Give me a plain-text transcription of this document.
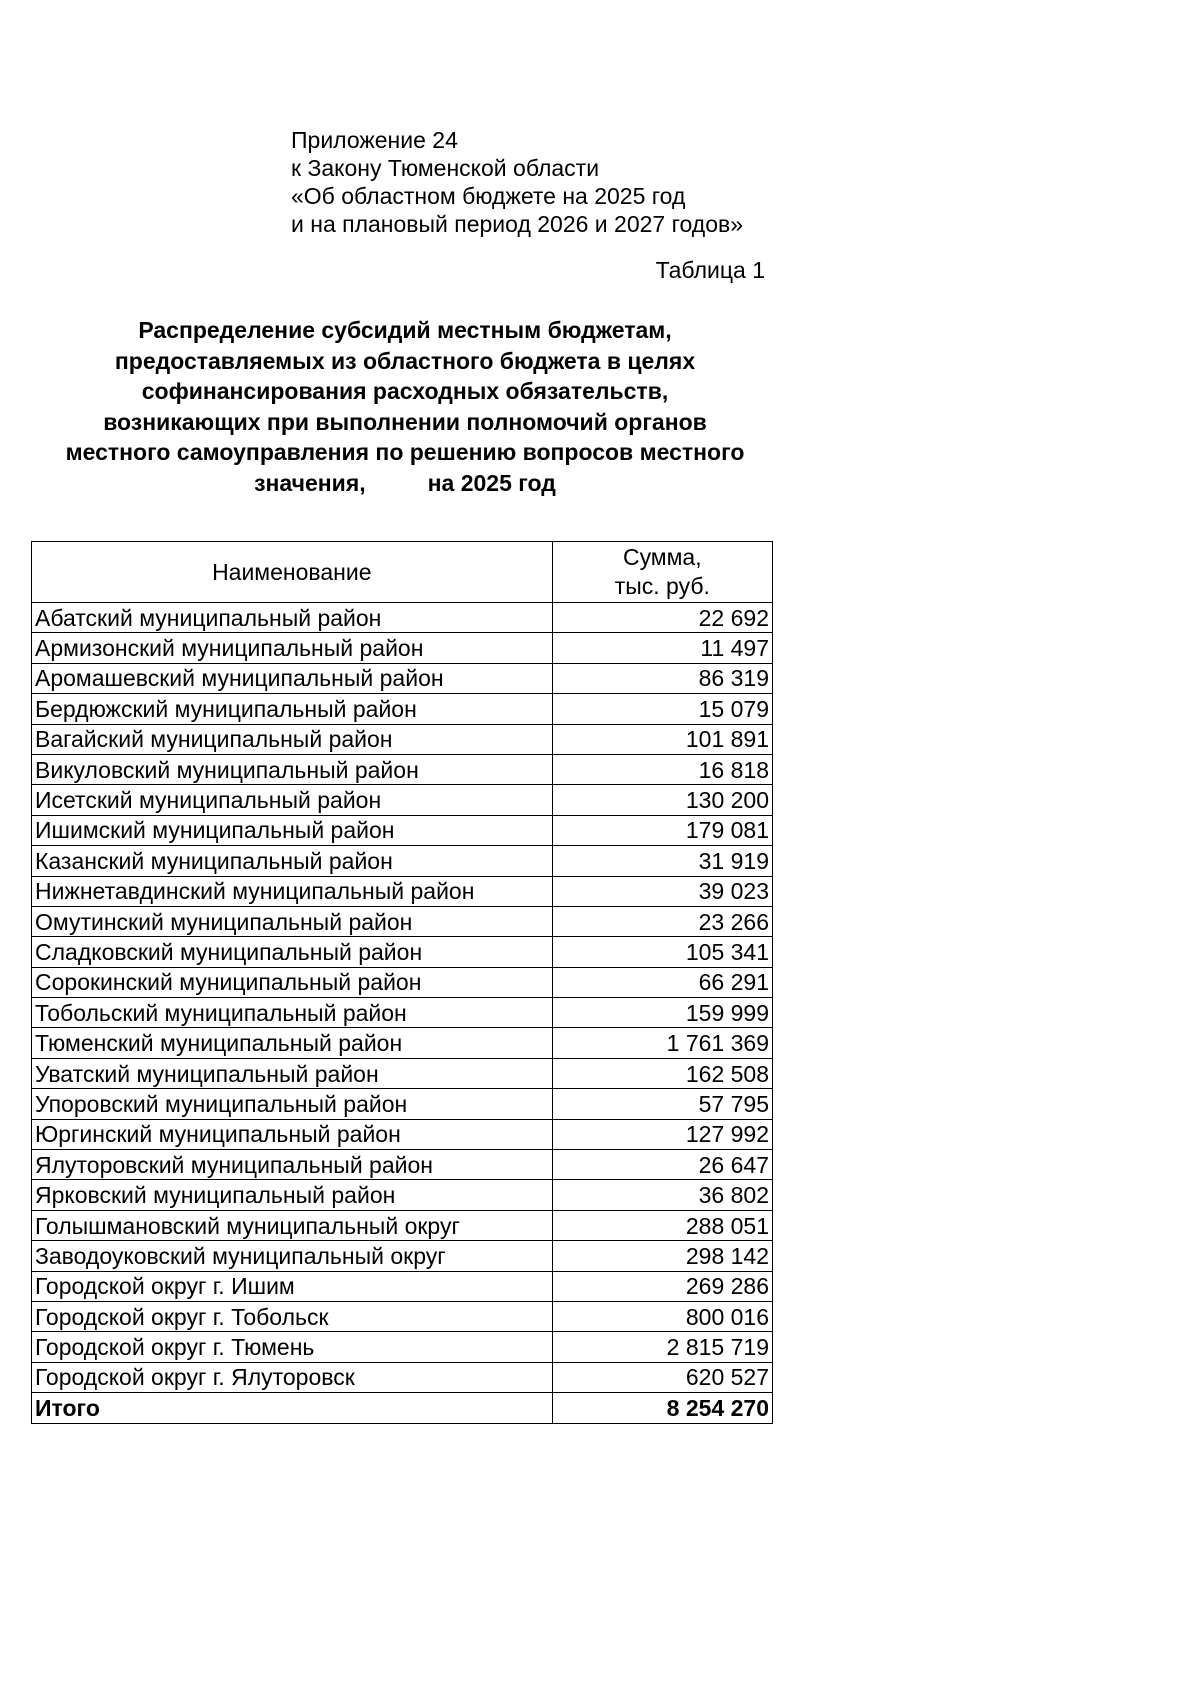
Приложение 24
к Закону Тюменской области
«Об областном бюджете на 2025 год
и на плановый период 2026 и 2027 годов»
Таблица 1
Распределение субсидий местным бюджетам,
предоставляемых из областного бюджета в целях
софинансирования расходных обязательств,
возникающих при выполнении полномочий органов
местного самоуправления по решению вопросов местного
значения,	на 2025 год
Наименование	Сумма,
тыс. руб.

Абатский муниципальный район	22 692
Армизонский муниципальный район	11 497
Аромашевский муниципальный район	86 319
Бердюжский муниципальный район	15 079
Вагайский муниципальный район	101 891
Викуловский муниципальный район	16 818
Исетский муниципальный район	130 200
Ишимский муниципальный район	179 081
Казанский муниципальный район	31 919
Нижнетавдинский муниципальный район	39 023
Омутинский муниципальный район	23 266
Сладковский муниципальный район	105 341
Сорокинский муниципальный район	66 291
Тобольский муниципальный район	159 999
Тюменский муниципальный район	1 761 369
Уватский муниципальный район	162 508
Упоровский муниципальный район	57 795
Юргинский муниципальный район	127 992
Ялуторовский муниципальный район	26 647
Ярковский муниципальный район	36 802
Голышмановский муниципальный округ	288 051
Заводоуковский муниципальный округ	298 142
Городской округ г. Ишим	269 286
Городской округ г. Тобольск	800 016
Городской округ г. Тюмень	2 815 719
Городской округ г. Ялуторовск	620 527
Итого	8 254 270
